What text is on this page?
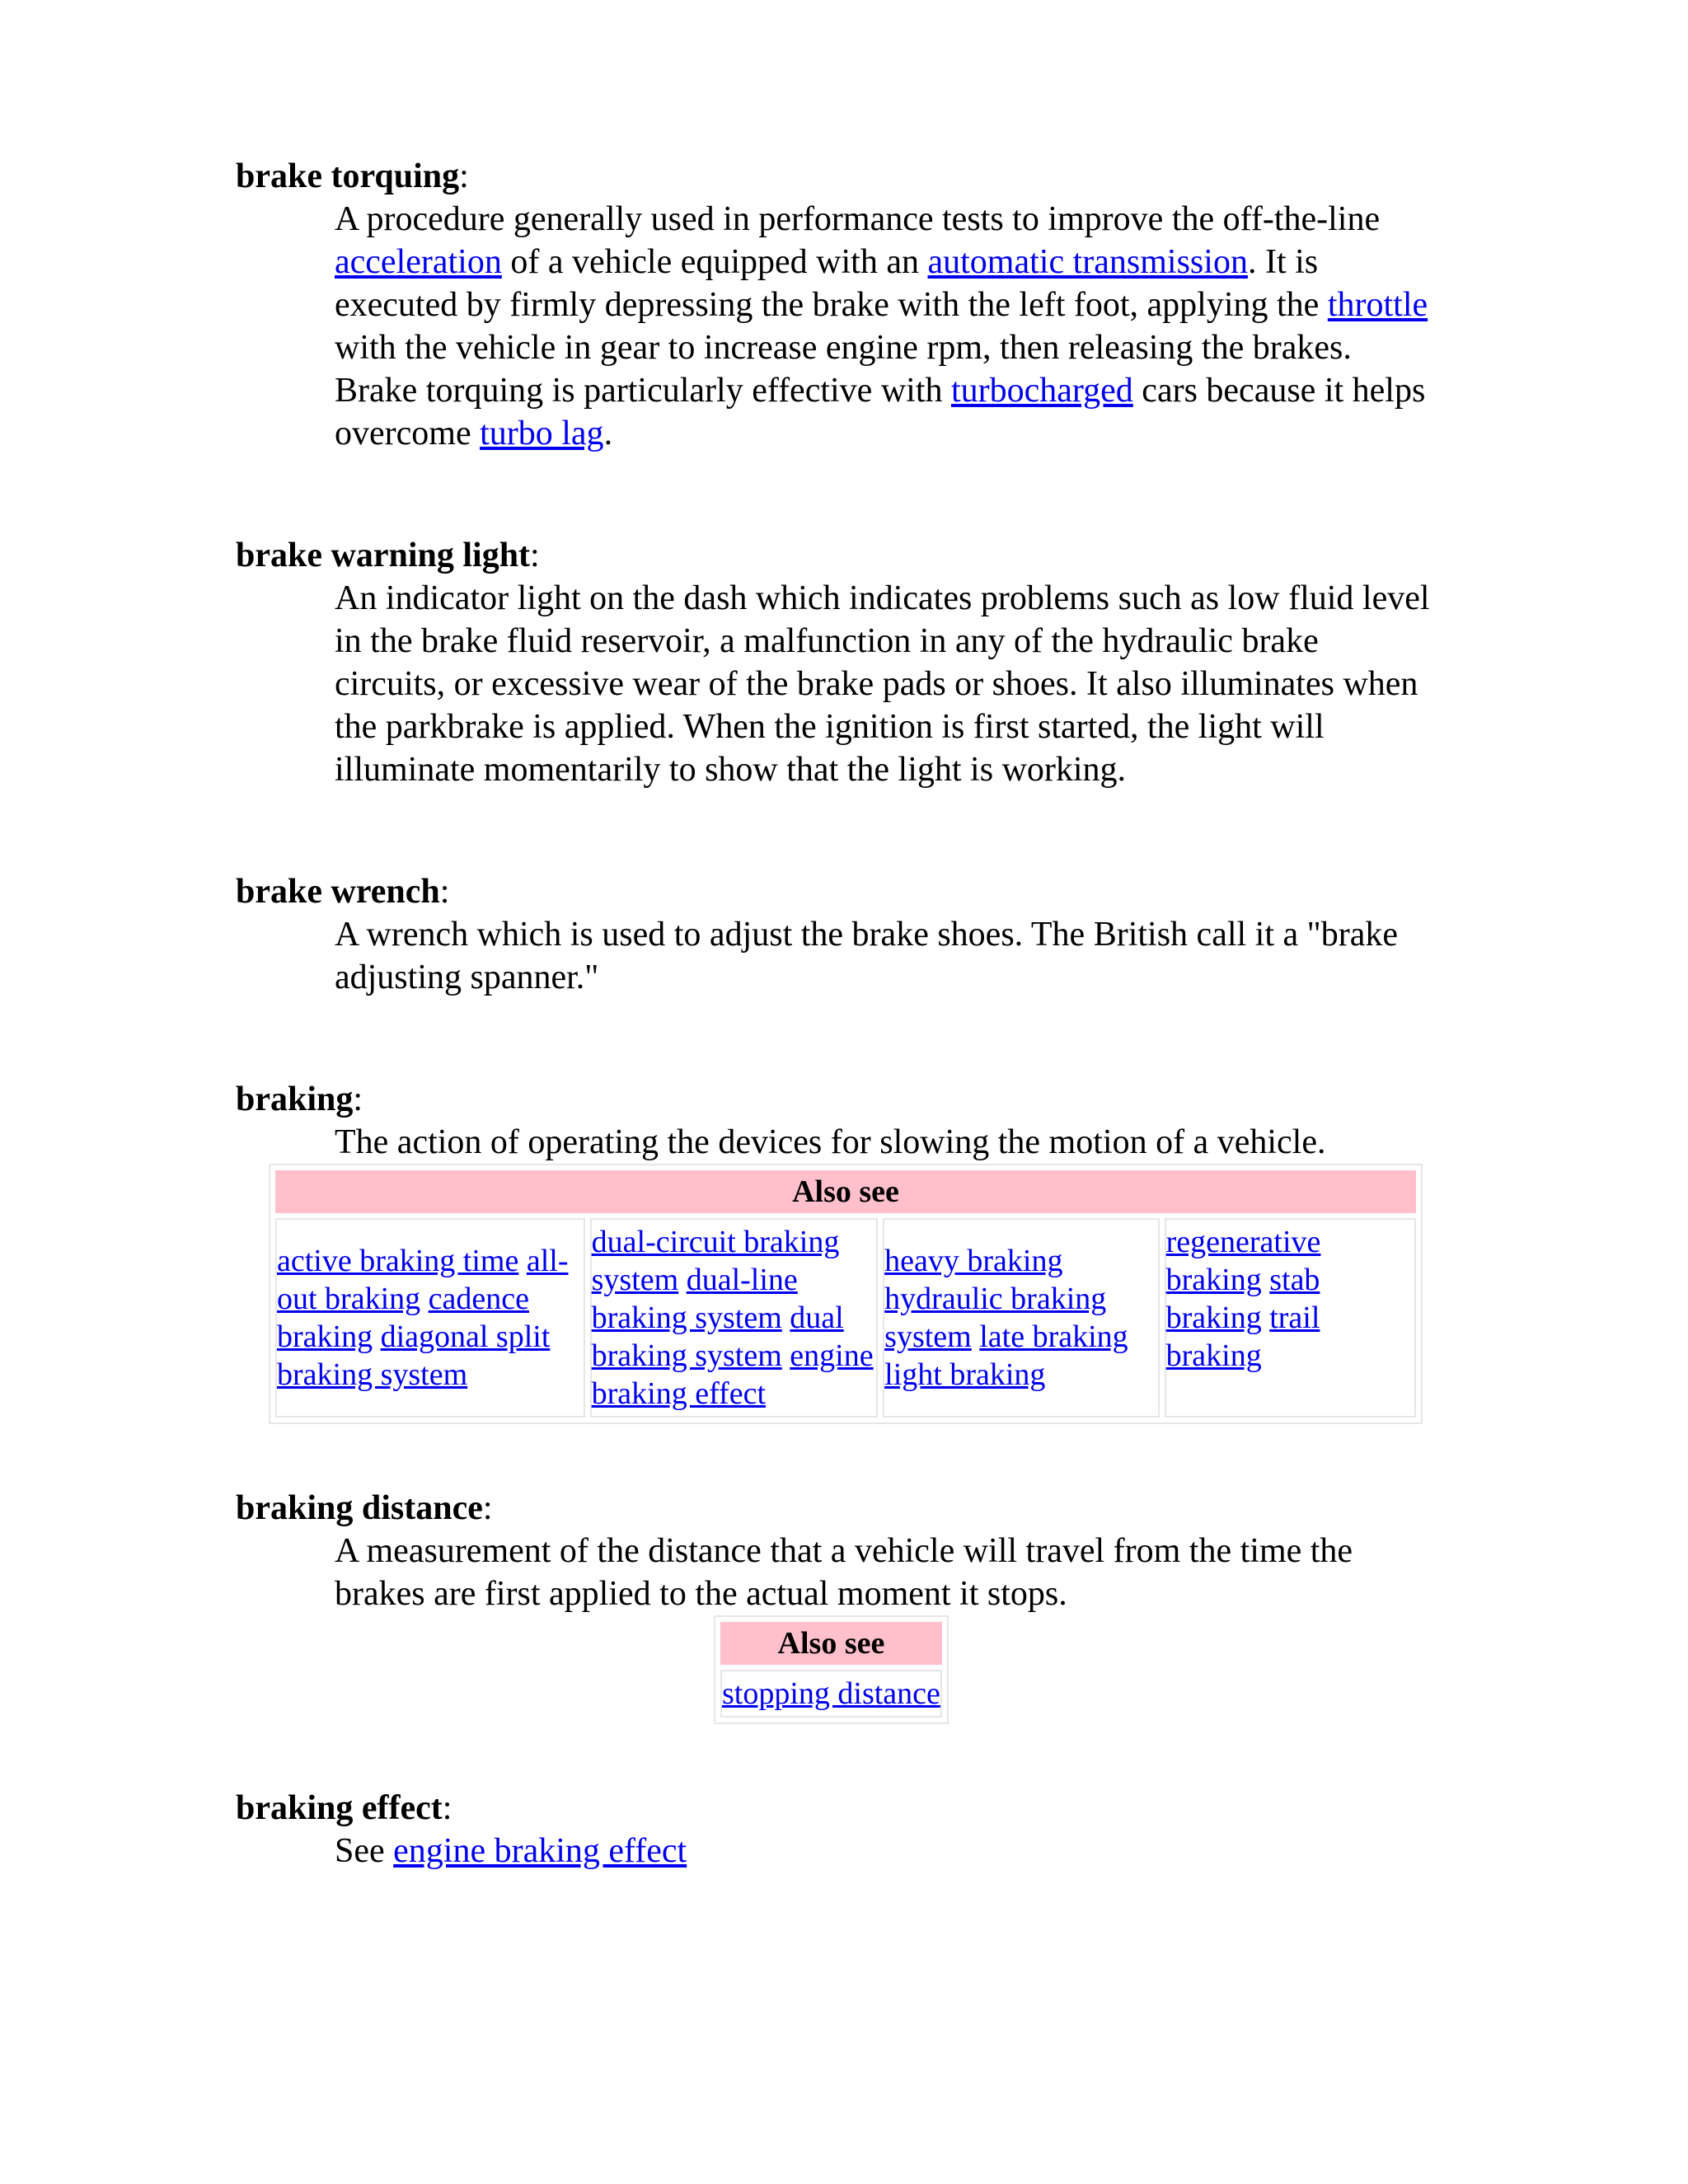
brake torquing:

A procedure generally used in performance tests to improve the off-the-line acceleration of a vehicle equipped with an automatic transmission. It is executed by firmly depressing the brake with the left foot, applying the throttle with the vehicle in gear to increase engine rpm, then releasing the brakes. Brake torquing is particularly effective with turbocharged cars because it helps overcome turbo lag.

brake warning light:

An indicator light on the dash which indicates problems such as low fluid level in the brake fluid reservoir, a malfunction in any of the hydraulic brake circuits, or excessive wear of the brake pads or shoes. It also illuminates when the parkbrake is applied. When the ignition is first started, the light will illuminate momentarily to show that the light is working.

brake wrench:

A wrench which is used to adjust the brake shoes. The British call it a "brake adjusting spanner."

braking:

The action of operating the devices for slowing the motion of a vehicle.

Also see
active braking time all-out braking cadence braking diagonal split braking system	dual-circuit braking system dual-line braking system dual braking system engine braking effect	heavy braking hydraulic braking system late braking light braking	regenerative braking stab braking trail braking

braking distance:

A measurement of the distance that a vehicle will travel from the time the brakes are first applied to the actual moment it stops.

Also see
stopping distance

braking effect:

See engine braking effect
